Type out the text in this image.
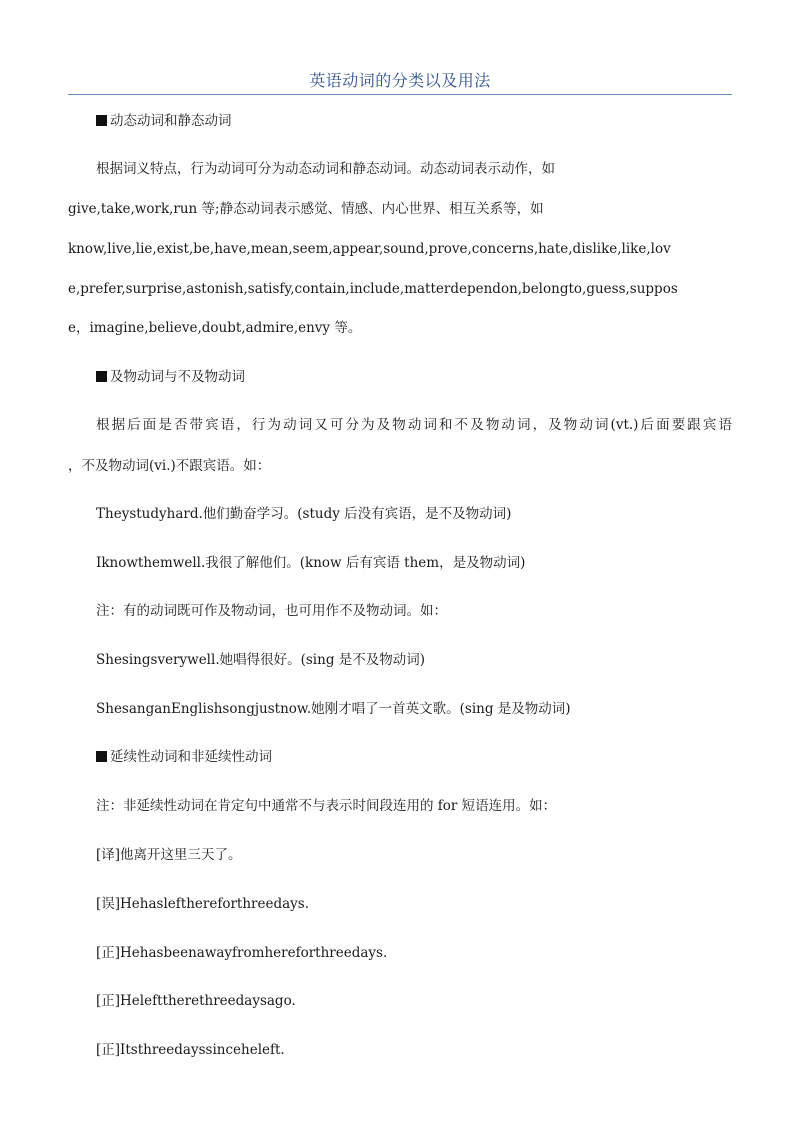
英语动词的分类以及用法
动态动词和静态动词
根据词义特点，行为动词可分为动态动词和静态动词。动态动词表示动作，如
give,take,work,run 等;静态动词表示感觉、情感、内心世界、相互关系等，如
know,live,lie,exist,be,have,mean,seem,appear,sound,prove,concerns,hate,dislike,like,lov
e,prefer,surprise,astonish,satisfy,contain,include,matterdependon,belongto,guess,suppos
e，imagine,believe,doubt,admire,envy 等。
及物动词与不及物动词
根据后面是否带宾语，行为动词又可分为及物动词和不及物动词，及物动词(vt.)后面要跟宾语
，不及物动词(vi.)不跟宾语。如：
Theystudyhard.他们勤奋学习。(study 后没有宾语，是不及物动词)
Iknowthemwell.我很了解他们。(know 后有宾语 them，是及物动词)
注：有的动词既可作及物动词，也可用作不及物动词。如：
Shesingsverywell.她唱得很好。(sing 是不及物动词)
ShesanganEnglishsongjustnow.她刚才唱了一首英文歌。(sing 是及物动词)
延续性动词和非延续性动词
注：非延续性动词在肯定句中通常不与表示时间段连用的 for 短语连用。如：
[译]他离开这里三天了。
[误]Hehaslefthereforthreedays.
[正]Hehasbeenawayfromhereforthreedays.
[正]Helefttherethreedaysago.
[正]Itsthreedayssinceheleft.
